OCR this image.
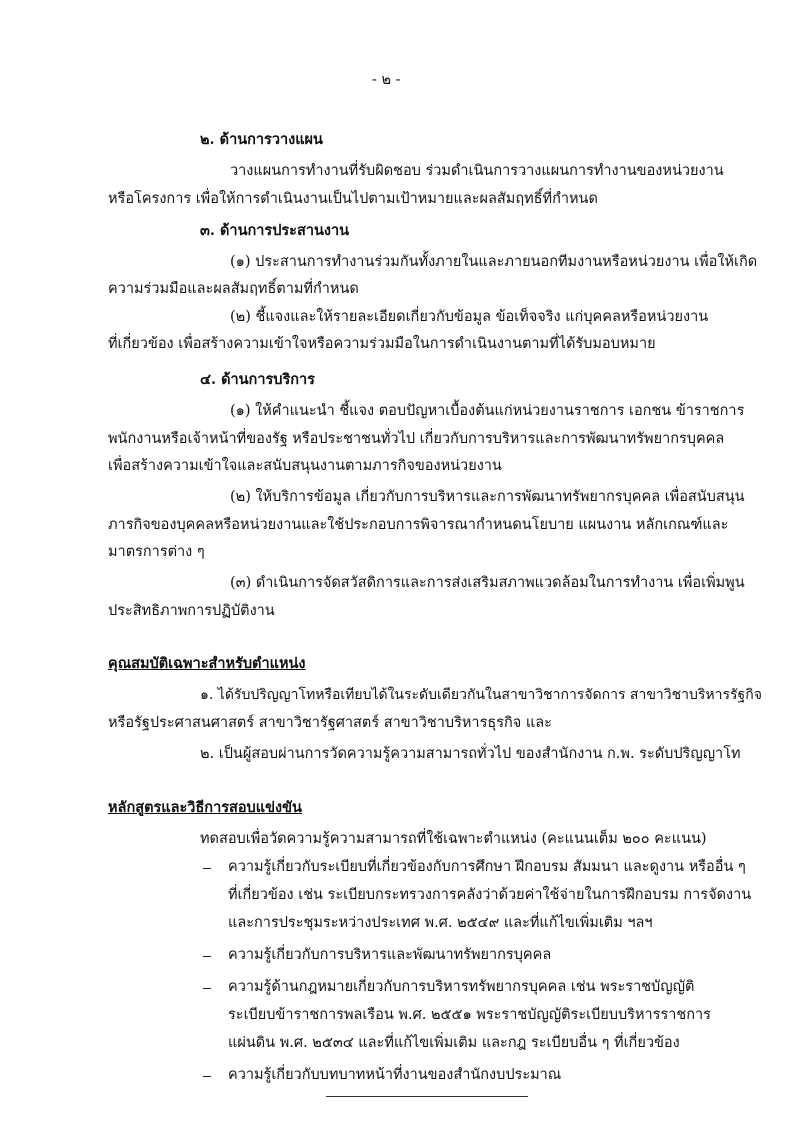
- ๒ -
๒. ด้านการวางแผน
วางแผนการทำงานที่รับผิดชอบ ร่วมดำเนินการวางแผนการทำงานของหน่วยงาน
หรือโครงการ เพื่อให้การดำเนินงานเป็นไปตามเป้าหมายและผลสัมฤทธิ์ที่กำหนด
๓. ด้านการประสานงาน
(๑) ประสานการทำงานร่วมกันทั้งภายในและภายนอกทีมงานหรือหน่วยงาน เพื่อให้เกิด
ความร่วมมือและผลสัมฤทธิ์ตามที่กำหนด
(๒) ชี้แจงและให้รายละเอียดเกี่ยวกับข้อมูล ข้อเท็จจริง แก่บุคคลหรือหน่วยงาน
ที่เกี่ยวข้อง เพื่อสร้างความเข้าใจหรือความร่วมมือในการดำเนินงานตามที่ได้รับมอบหมาย
๔. ด้านการบริการ
(๑) ให้คำแนะนำ ชี้แจง ตอบปัญหาเบื้องต้นแก่หน่วยงานราชการ เอกชน ข้าราชการ
พนักงานหรือเจ้าหน้าที่ของรัฐ หรือประชาชนทั่วไป เกี่ยวกับการบริหารและการพัฒนาทรัพยากรบุคคล
เพื่อสร้างความเข้าใจและสนับสนุนงานตามภารกิจของหน่วยงาน
(๒) ให้บริการข้อมูล เกี่ยวกับการบริหารและการพัฒนาทรัพยากรบุคคล เพื่อสนับสนุน
ภารกิจของบุคคลหรือหน่วยงานและใช้ประกอบการพิจารณากำหนดนโยบาย แผนงาน หลักเกณฑ์และ
มาตรการต่าง ๆ
(๓) ดำเนินการจัดสวัสดิการและการส่งเสริมสภาพแวดล้อมในการทำงาน เพื่อเพิ่มพูน
ประสิทธิภาพการปฏิบัติงาน
คุณสมบัติเฉพาะสำหรับตำแหน่ง
๑. ได้รับปริญญาโทหรือเทียบได้ในระดับเดียวกันในสาขาวิชาการจัดการ สาขาวิชาบริหารรัฐกิจ
หรือรัฐประศาสนศาสตร์ สาขาวิชารัฐศาสตร์ สาขาวิชาบริหารธุรกิจ และ
๒. เป็นผู้สอบผ่านการวัดความรู้ความสามารถทั่วไป ของสำนักงาน ก.พ. ระดับปริญญาโท
หลักสูตรและวิธีการสอบแข่งขัน
ทดสอบเพื่อวัดความรู้ความสามารถที่ใช้เฉพาะตำแหน่ง (คะแนนเต็ม ๒๐๐ คะแนน)
ความรู้เกี่ยวกับระเบียบที่เกี่ยวข้องกับการศึกษา ฝึกอบรม สัมมนา และดูงาน หรืออื่น ๆ
ที่เกี่ยวข้อง เช่น ระเบียบกระทรวงการคลังว่าด้วยค่าใช้จ่ายในการฝึกอบรม การจัดงาน
และการประชุมระหว่างประเทศ พ.ศ. ๒๕๔๙ และที่แก้ไขเพิ่มเติม ฯลฯ
ความรู้เกี่ยวกับการบริหารและพัฒนาทรัพยากรบุคคล
ความรู้ด้านกฎหมายเกี่ยวกับการบริหารทรัพยากรบุคคล เช่น พระราชบัญญัติ
ระเบียบข้าราชการพลเรือน พ.ศ. ๒๕๕๑ พระราชบัญญัติระเบียบบริหารราชการ
แผ่นดิน พ.ศ. ๒๕๓๔ และที่แก้ไขเพิ่มเติม และกฎ ระเบียบอื่น ๆ ที่เกี่ยวข้อง
ความรู้เกี่ยวกับบทบาทหน้าที่งานของสำนักงบประมาณ
